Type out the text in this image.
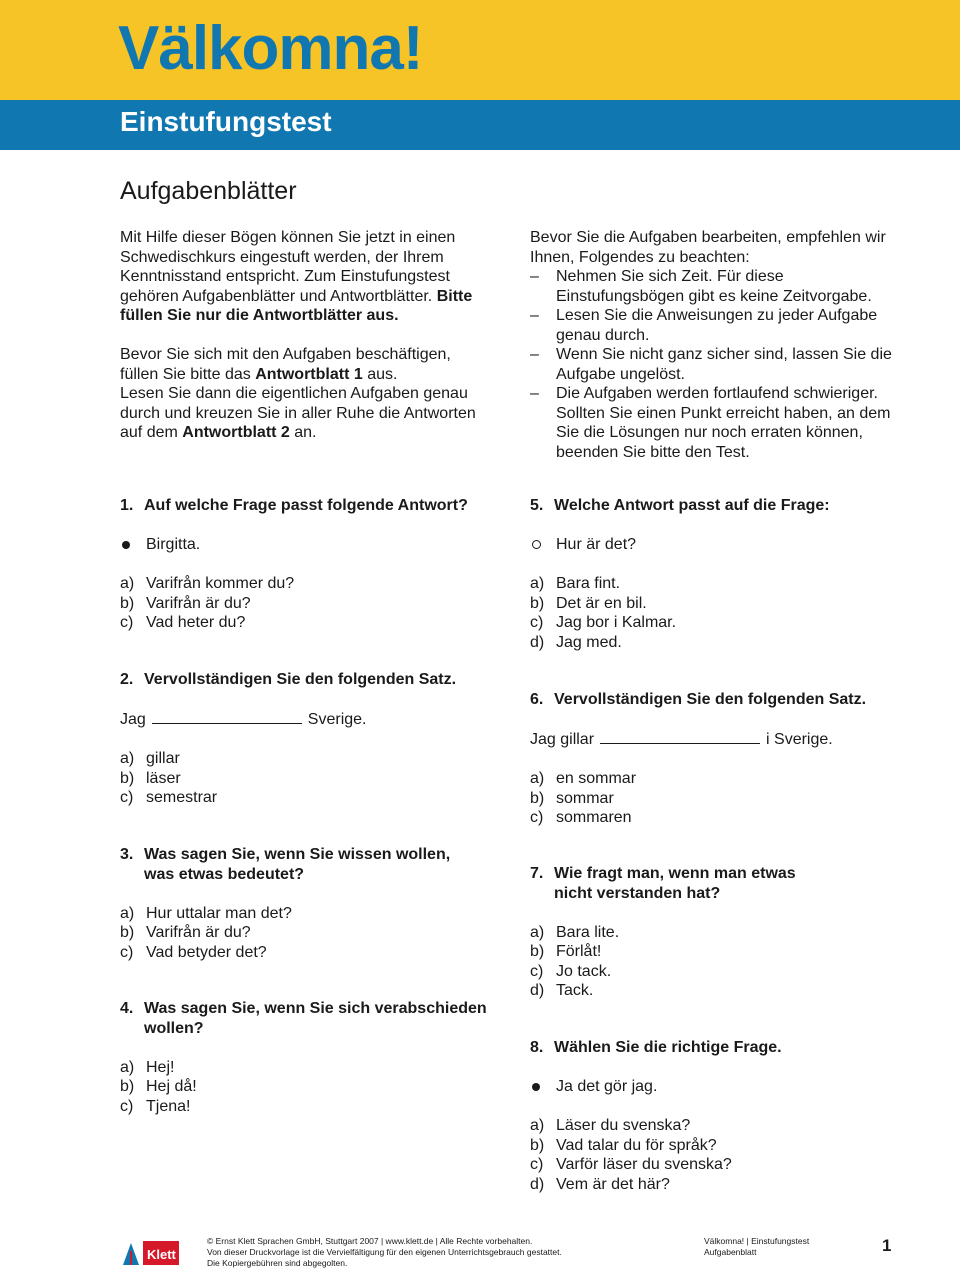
Välkomna!
Einstufungstest
Aufgabenblätter

Mit Hilfe dieser Bögen können Sie jetzt in einen Schwedischkurs eingestuft werden, der Ihrem Kenntnisstand entspricht. Zum Einstufungstest gehören Aufgabenblätter und Antwortblätter. Bitte füllen Sie nur die Antwortblätter aus.

Bevor Sie sich mit den Aufgaben beschäftigen, füllen Sie bitte das Antwortblatt 1 aus.

Lesen Sie dann die eigentlichen Aufgaben genau durch und kreuzen Sie in aller Ruhe die Antworten auf dem Antwortblatt 2 an.

Bevor Sie die Aufgaben bearbeiten, empfehlen wir Ihnen, Folgendes zu beachten:

– Nehmen Sie sich Zeit. Für diese Einstufungsbögen gibt es keine Zeitvorgabe.
– Lesen Sie die Anweisungen zu jeder Aufgabe genau durch.
– Wenn Sie nicht ganz sicher sind, lassen Sie die Aufgabe ungelöst.
– Die Aufgaben werden fortlaufend schwieriger. Sollten Sie einen Punkt erreicht haben, an dem Sie die Lösungen nur noch erraten können, beenden Sie bitte den Test.
1. Auf welche Frage passt folgende Antwort?
Birgitta.
a) Varifrån kommer du?
b) Varifrån är du?
c) Vad heter du?
2. Vervollständigen Sie den folgenden Satz.
Jag	Sverige.
a) gillar
b) läser
c) semestrar
3. Was sagen Sie, wenn Sie wissen wollen,
was etwas bedeutet?
a) Hur uttalar man det?
b) Varifrån är du?
c) Vad betyder det?
4. Was sagen Sie, wenn Sie sich verabschieden
wollen?
a) Hej!
b) Hej då!
c) Tjena!
5. Welche Antwort passt auf die Frage:
Hur är det?
a) Bara fint.
b) Det är en bil.
c) Jag bor i Kalmar.
d) Jag med.
6. Vervollständigen Sie den folgenden Satz.
Jag gillar	i Sverige.
a) en sommar
b) sommar
c) sommaren
7. Wie fragt man, wenn man etwas
nicht verstanden hat?
a) Bara lite.
b) Förlåt!
c) Jo tack.
d) Tack.
8. Wählen Sie die richtige Frage.
Ja det gör jag.
a) Läser du svenska?
b) Vad talar du för språk?
c) Varför läser du svenska?
d) Vem är det här?
Klett
© Ernst Klett Sprachen GmbH, Stuttgart 2007 | www.klett.de | Alle Rechte vorbehalten.
Von dieser Druckvorlage ist die Vervielfältigung für den eigenen Unterrichtsgebrauch gestattet.
Die Kopiergebühren sind abgegolten.
Välkomna! | Einstufungstest
Aufgabenblatt	1
